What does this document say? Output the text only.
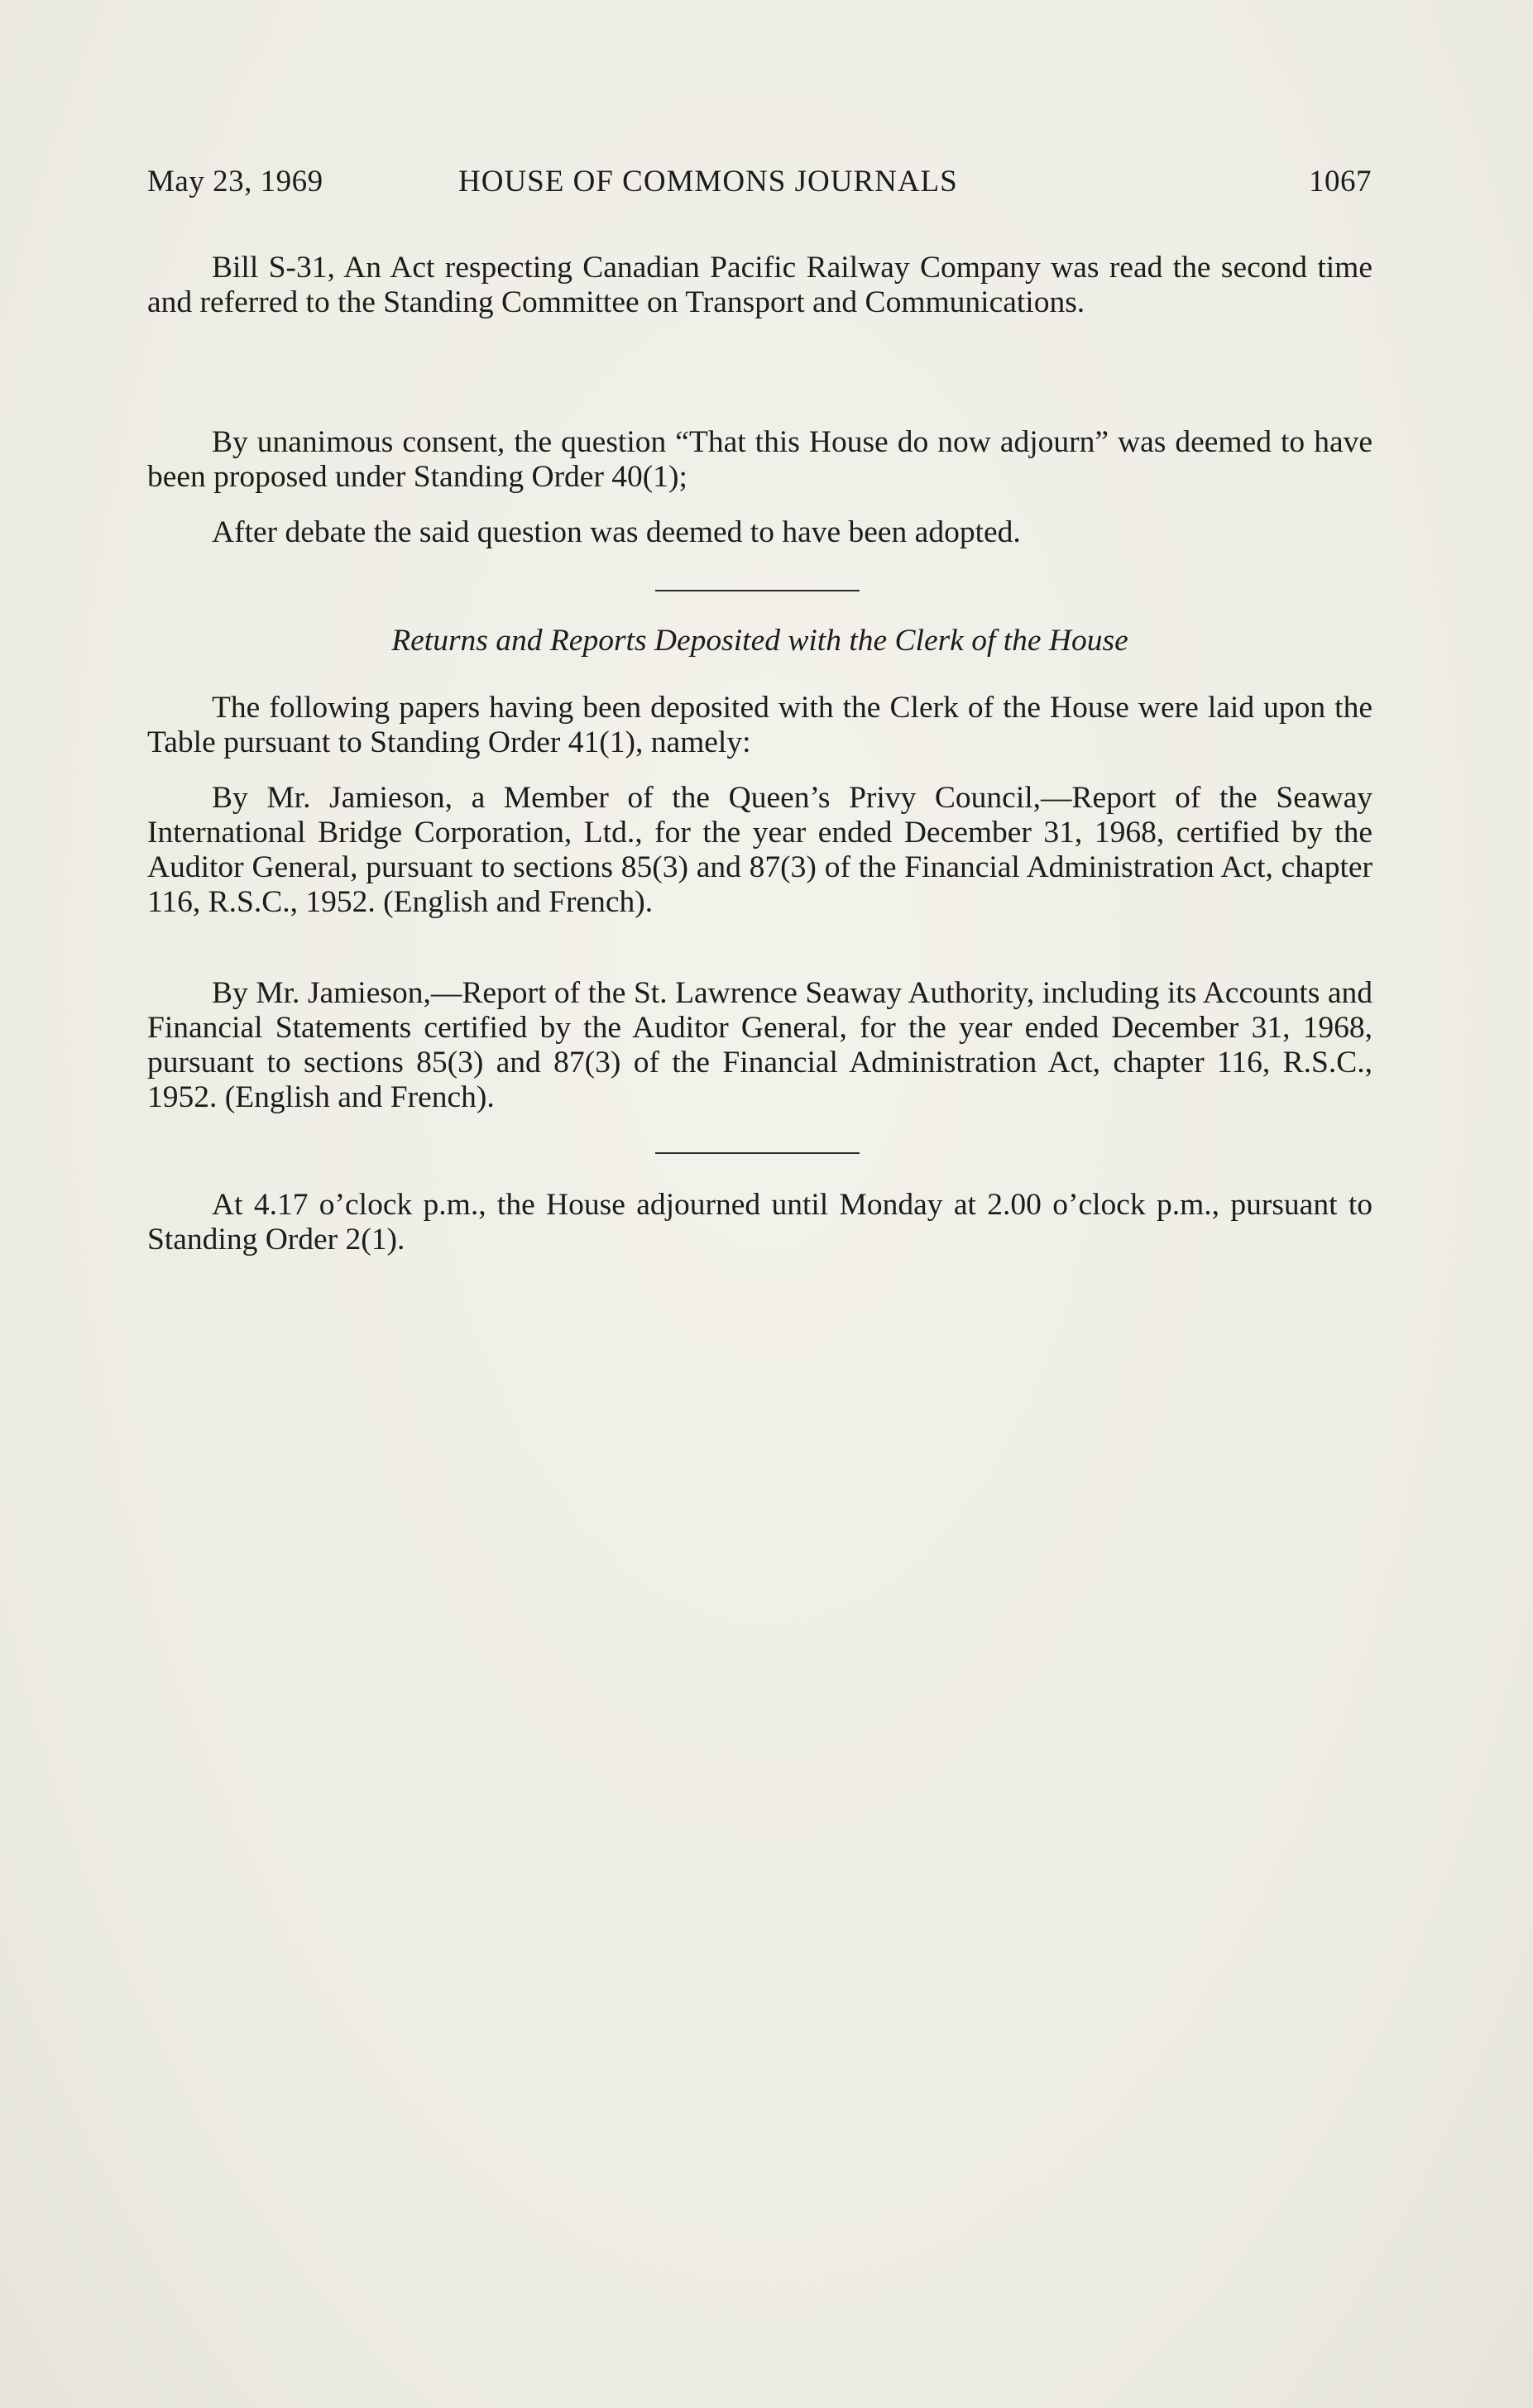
May 23, 1969	HOUSE OF COMMONS JOURNALS	1067

Bill S-31, An Act respecting Canadian Pacific Railway Company was read the second time and referred to the Standing Committee on Transport and Communications.

By unanimous consent, the question “That this House do now adjourn” was deemed to have been proposed under Standing Order 40(1);

After debate the said question was deemed to have been adopted.

Returns and Reports Deposited with the Clerk of the House

The following papers having been deposited with the Clerk of the House were laid upon the Table pursuant to Standing Order 41(1), namely:

By Mr. Jamieson, a Member of the Queen’s Privy Council,—Report of the Seaway International Bridge Corporation, Ltd., for the year ended December 31, 1968, certified by the Auditor General, pursuant to sections 85(3) and 87(3) of the Financial Administration Act, chapter 116, R.S.C., 1952. (English and French).

By Mr. Jamieson,—Report of the St. Lawrence Seaway Authority, including its Accounts and Financial Statements certified by the Auditor General, for the year ended December 31, 1968, pursuant to sections 85(3) and 87(3) of the Financial Administration Act, chapter 116, R.S.C., 1952. (English and French).

At 4.17 o’clock p.m., the House adjourned until Monday at 2.00 o’clock p.m., pursuant to Standing Order 2(1).
